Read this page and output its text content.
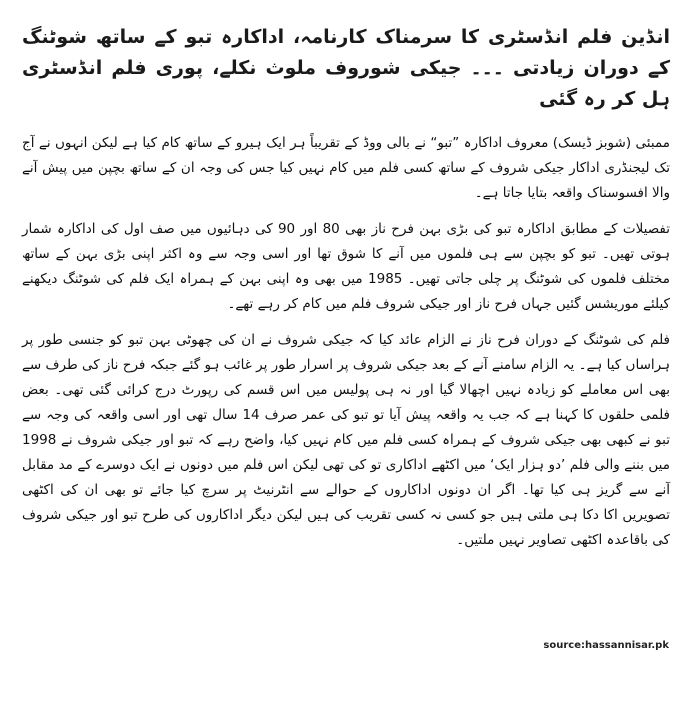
انڈین فلم انڈسٹری کا سرمناک کارنامہ، اداکارہ تبو کے ساتھ شوٹنگ کے دوران زیادتی ۔۔۔ جیکی شوروف ملوث نکلے، پوری فلم انڈسٹری ہل کر رہ گئی
ممبئی (شوبز ڈیسک) معروف اداکارہ ”تبو“ نے بالی ووڈ کے تقریباً ہر ایک ہیرو کے ساتھ کام کیا ہے لیکن انہوں نے آج تک لیجنڈری اداکار جیکی شروف کے ساتھ کسی فلم میں کام نہیں کیا جس کی وجہ ان کے ساتھ بچپن میں پیش آنے والا افسوسناک واقعہ بتایا جاتا ہے۔
تفصیلات کے مطابق اداکارہ تبو کی بڑی بہن فرح ناز بھی 80 اور 90 کی دہائیوں میں صف اول کی اداکارہ شمار ہوتی تھیں۔ تبو کو بچپن سے ہی فلموں میں آنے کا شوق تھا اور اسی وجہ سے وہ اکثر اپنی بڑی بہن کے ساتھ مختلف فلموں کی شوٹنگ پر چلی جاتی تھیں۔ 1985 میں بھی وہ اپنی بہن کے ہمراہ ایک فلم کی شوٹنگ دیکھنے کیلئے موریشس گئیں جہاں فرح ناز اور جیکی شروف فلم میں کام کر رہے تھے۔
فلم کی شوٹنگ کے دوران فرح ناز نے الزام عائد کیا کہ جیکی شروف نے ان کی چھوٹی بہن تبو کو جنسی طور پر ہراساں کیا ہے۔ یہ الزام سامنے آنے کے بعد جیکی شروف پر اسرار طور پر غائب ہو گئے جبکہ فرح ناز کی طرف سے بھی اس معاملے کو زیادہ نہیں اچھالا گیا اور نہ ہی پولیس میں اس قسم کی رپورٹ درج کرائی گئی تھی۔ بعض فلمی حلقوں کا کہنا ہے کہ جب یہ واقعہ پیش آیا تو تبو کی عمر صرف 14 سال تھی اور اسی واقعہ کی وجہ سے تبو نے کبھی بھی جیکی شروف کے ہمراہ کسی فلم میں کام نہیں کیا، واضح رہے کہ تبو اور جیکی شروف نے 1998 میں بننے والی فلم ’دو ہزار ایک‘ میں اکٹھے اداکاری تو کی تھی لیکن اس فلم میں دونوں نے ایک دوسرے کے مد مقابل آنے سے گریز ہی کیا تھا۔ اگر ان دونوں اداکاروں کے حوالے سے انٹرنیٹ پر سرچ کیا جائے تو بھی ان کی اکٹھی تصویریں اکا دکا ہی ملتی ہیں جو کسی نہ کسی تقریب کی ہیں لیکن دیگر اداکاروں کی طرح تبو اور جیکی شروف کی باقاعدہ اکٹھی تصاویر نہیں ملتیں۔
source:hassannisar.pk
